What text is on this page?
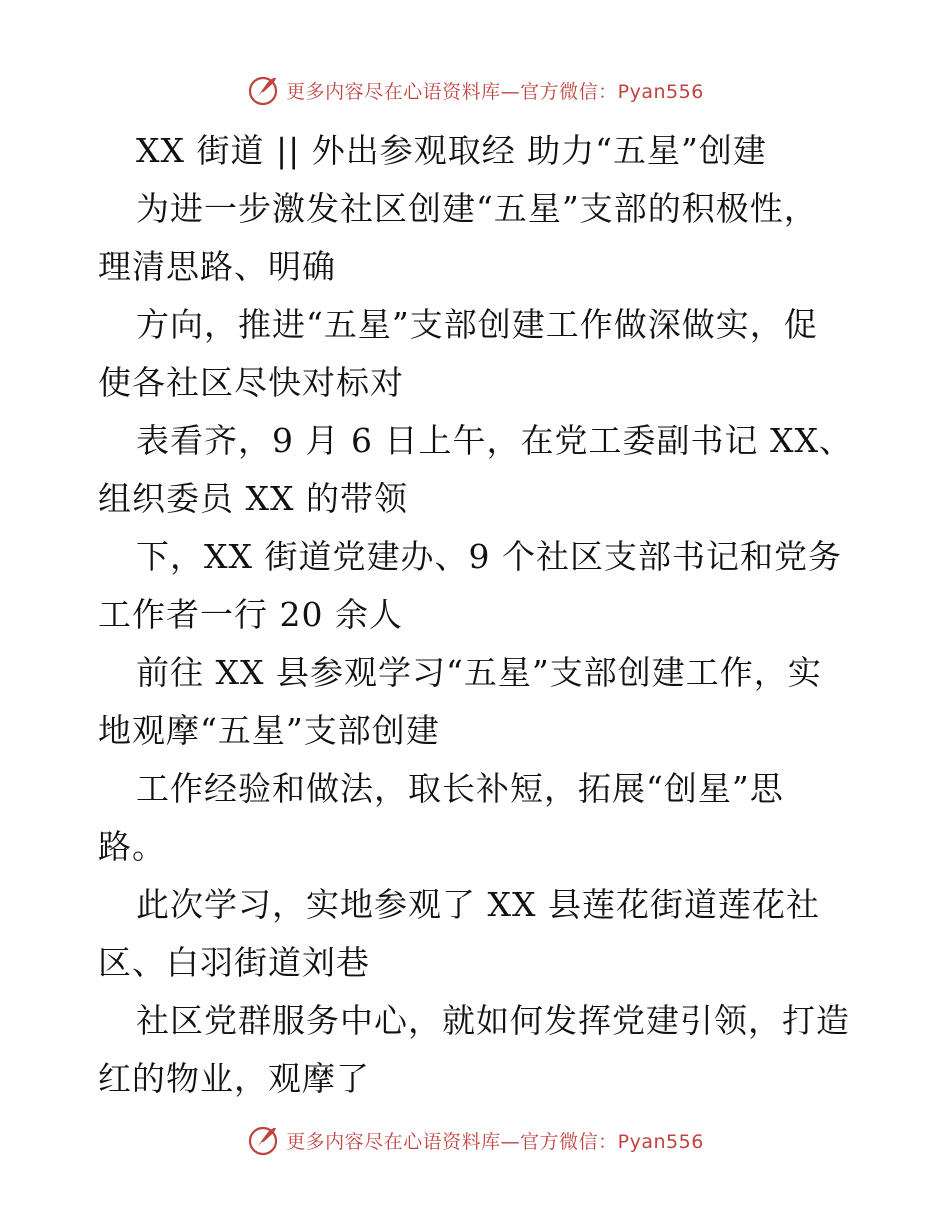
更多内容尽在心语资料库—官方微信：Pyan556
XX 街道 || 外出参观取经 助力“五星”创建
为进一步激发社区创建“五星”支部的积极性，
理清思路、明确
方向，推进“五星”支部创建工作做深做实，促
使各社区尽快对标对
表看齐，9 月 6 日上午，在党工委副书记 XX、
组织委员 XX 的带领
下，XX 街道党建办、9 个社区支部书记和党务
工作者一行 20 余人
前往 XX 县参观学习“五星”支部创建工作，实
地观摩“五星”支部创建
工作经验和做法，取长补短，拓展“创星”思
路。
此次学习，实地参观了 XX 县莲花街道莲花社
区、白羽街道刘巷
社区党群服务中心，就如何发挥党建引领，打造
红的物业，观摩了
更多内容尽在心语资料库—官方微信：Pyan556
